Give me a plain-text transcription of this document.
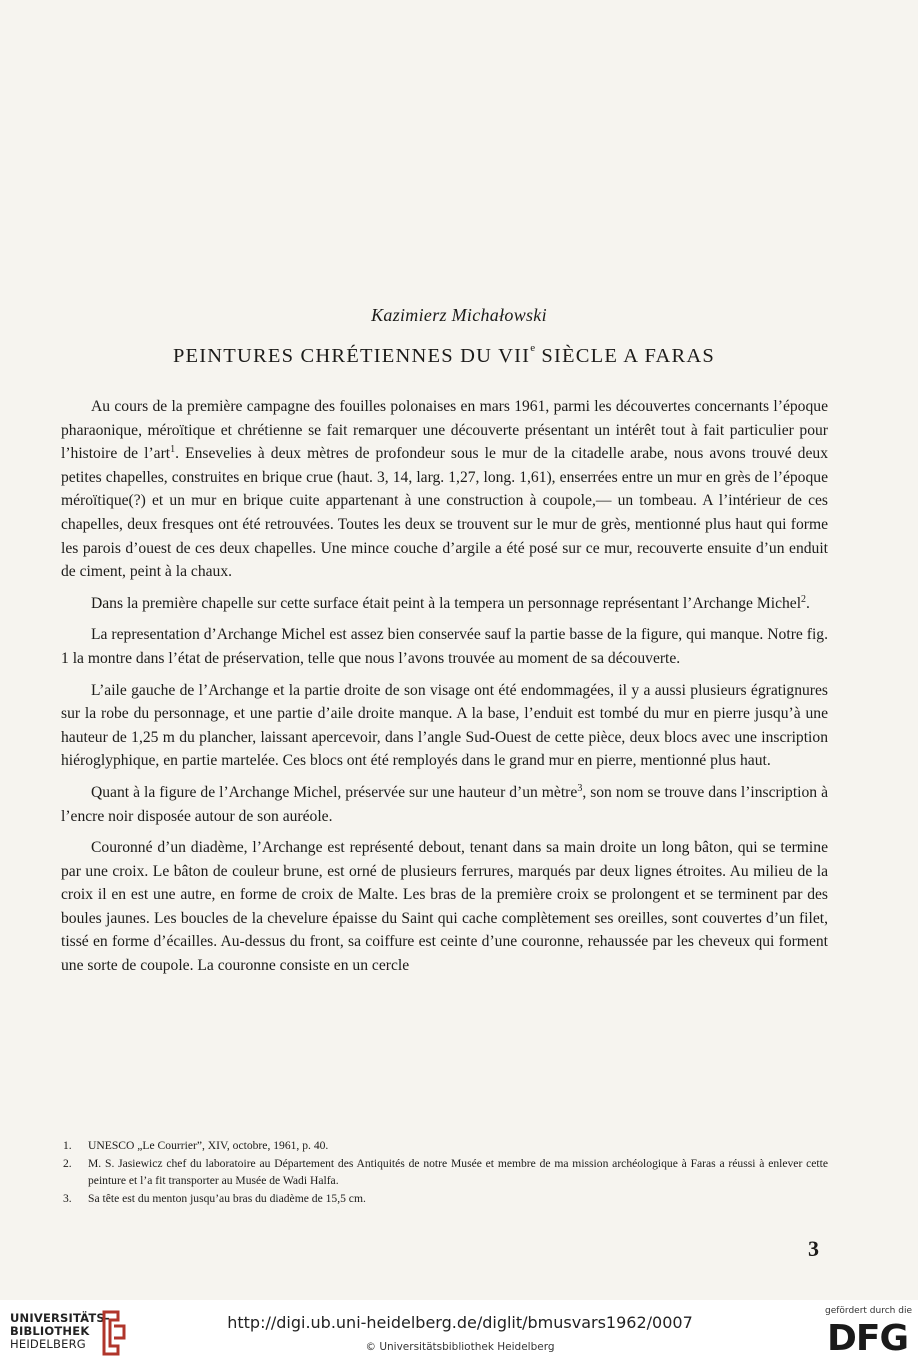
Kazimierz Michałowski
PEINTURES CHRÉTIENNES DU VIIe SIÈCLE A FARAS

Au cours de la première campagne des fouilles polonaises en mars 1961, parmi les découvertes concernants l’époque pharaonique, méroïtique et chrétienne se fait remarquer une découverte présentant un intérêt tout à fait particulier pour l’histoire de l’art$^1$. Ensevelies à deux mètres de profondeur sous le mur de la citadelle arabe, nous avons trouvé deux petites chapelles, construites en brique crue (haut. 3, 14, larg. 1,27, long. 1,61), enserrées entre un mur en grès de l’époque méroïtique(?) et un mur en brique cuite appartenant à une construction à coupole,— un tombeau. A l’intérieur de ces chapelles, deux fresques ont été retrouvées. Toutes les deux se trouvent sur le mur de grès, mentionné plus haut qui forme les parois d’ouest de ces deux chapelles. Une mince couche d’argile a été posé sur ce mur, recouverte ensuite d’un enduit de ciment, peint à la chaux.

Dans la première chapelle sur cette surface était peint à la tempera un personnage représentant l’Archange Michel$^2$.

La representation d’Archange Michel est assez bien conservée sauf la partie basse de la figure, qui manque. Notre fig. 1 la montre dans l’état de préservation, telle que nous l’avons trouvée au moment de sa découverte.

L’aile gauche de l’Archange et la partie droite de son visage ont été endommagées, il y a aussi plusieurs égratignures sur la robe du personnage, et une partie d’aile droite manque. A la base, l’enduit est tombé du mur en pierre jusqu’à une hauteur de 1,25 m du plancher, laissant apercevoir, dans l’angle Sud-Ouest de cette pièce, deux blocs avec une inscription hiéroglyphique, en partie martelée. Ces blocs ont été remployés dans le grand mur en pierre, mentionné plus haut.

Quant à la figure de l’Archange Michel, préservée sur une hauteur d’un mètre$^3$, son nom se trouve dans l’inscription à l’encre noir disposée autour de son auréole.

Couronné d’un diadème, l’Archange est représenté debout, tenant dans sa main droite un long bâton, qui se termine par une croix. Le bâton de couleur brune, est orné de plusieurs ferrures, marqués par deux lignes étroites. Au milieu de la croix il en est une autre, en forme de croix de Malte. Les bras de la première croix se prolongent et se terminent par des boules jaunes. Les boucles de la chevelure épaisse du Saint qui cache complètement ses oreilles, sont couvertes d’un filet, tissé en forme d’écailles. Au-dessus du front, sa coiffure est ceinte d’une couronne, rehaussée par les cheveux qui forment une sorte de coupole. La couronne consiste en un cercle

1.	UNESCO „Le Courrier”, XIV, octobre, 1961, p. 40.
2.	M. S. Jasiewicz chef du laboratoire au Département des Antiquités de notre Musée et membre de ma mission archéologique à Faras a réussi à enlever cette peinture et l’a fit transporter au Musée de Wadi Halfa.
3.	Sa tête est du menton jusqu’au bras du diadème de 15,5 cm.
3
UNIVERSITÄTS-
BIBLIOTHEK
HEIDELBERG
http://digi.ub.uni-heidelberg.de/diglit/bmusvars1962/0007
© Universitätsbibliothek Heidelberg
gefördert durch die
DFG
